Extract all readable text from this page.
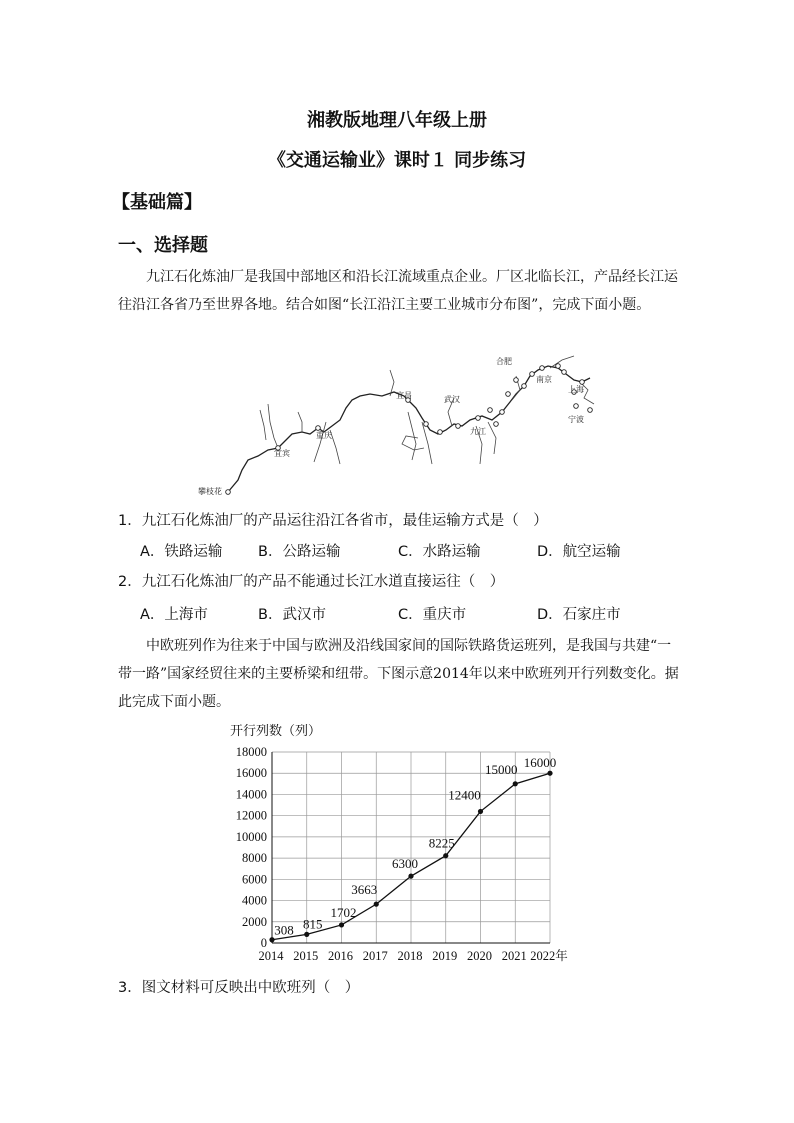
湘教版地理八年级上册
《交通运输业》课时１ 同步练习
【基础篇】
一、选择题
九江石化炼油厂是我国中部地区和沿长江流域重点企业。厂区北临长江，产品经长江运往沿江各省乃至世界各地。结合如图“长江沿江主要工业城市分布图”，完成下面小题。
合肥
南京
上海
宁波
宜昌	武汉
九江
重庆
宜宾
攀枝花
1．九江石化炼油厂的产品运往沿江各省市，最佳运输方式是（　）
A．铁路运输 B．公路运输	C．水路运输	D．航空运输
2．九江石化炼油厂的产品不能通过长江水道直接运往（　）
A．上海市	B．武汉市	C．重庆市	D．石家庄市
中欧班列作为往来于中国与欧洲及沿线国家间的国际铁路货运班列，是我国与共建“一带一路”国家经贸往来的主要桥梁和纽带。下图示意2014年以来中欧班列开行列数变化。据此完成下面小题。
开行列数（列）
0
2000
4000
6000
8000
10000
12000
14000
16000
18000
2014 2015 2016 2017 2018 2019 2020 2021 2022年
308 815
1702
3663
6300
8225
12400
15000 16000
3．图文材料可反映出中欧班列（　）
